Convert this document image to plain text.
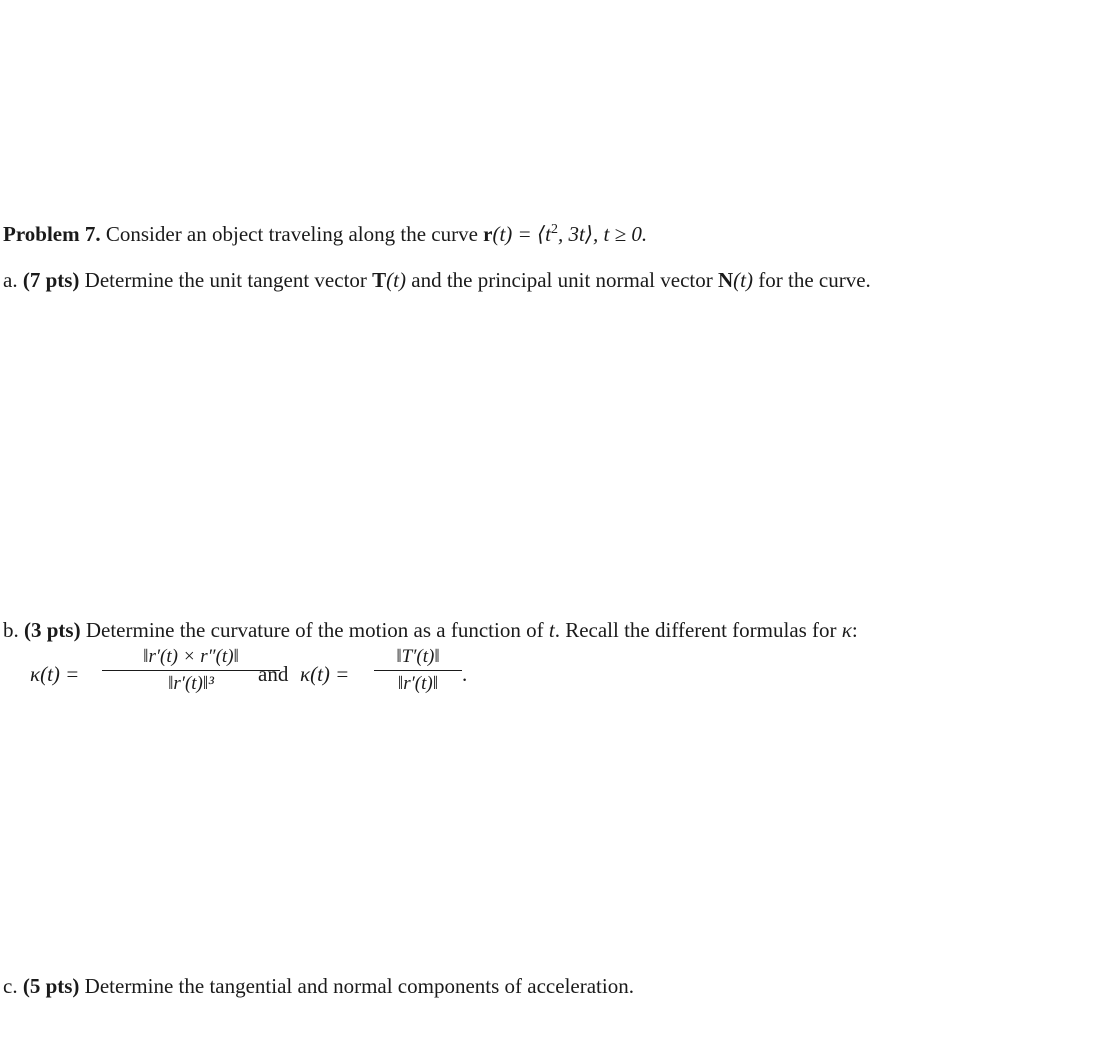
Problem 7. Consider an object traveling along the curve $r(t) = ⟨t^2$, 3t⟩, t ≥ 0.
a. (7 pts) Determine the unit tangent vector T(t) and the principal unit normal vector N(t) for the curve.
b. (3 pts) Determine the curvature of the motion as a function of t. Recall the different formulas for κ:
κ(t) =
‖r′(t) × r″(t)‖
‖r′(t)‖³	and κ(t) =
‖T′(t)‖
‖r′(t)‖	.
c. (5 pts) Determine the tangential and normal components of acceleration.
